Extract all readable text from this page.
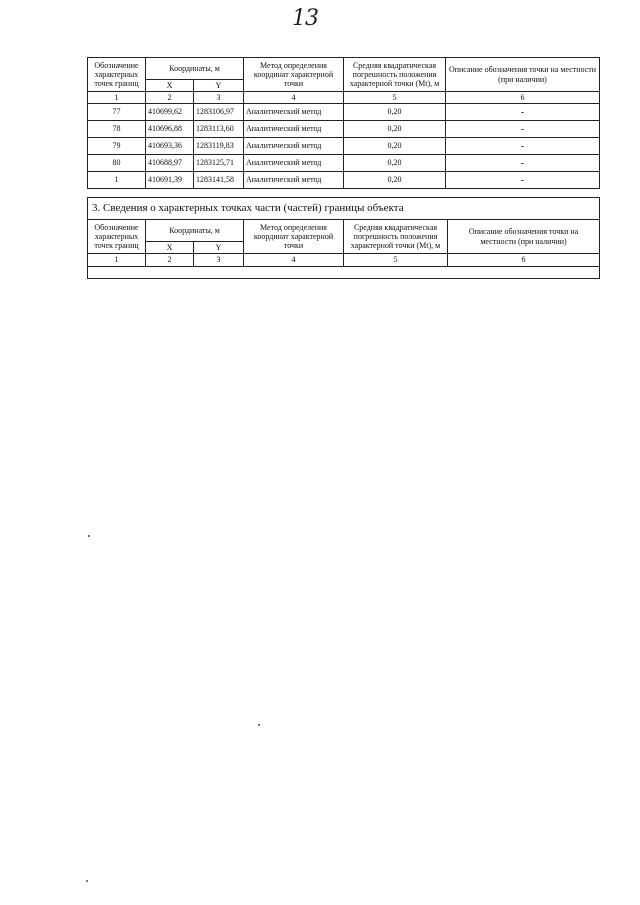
13
Обозначение характерных точек границ	Координаты, м		Метод определения координат характерной точки	Средняя квадратическая погрешность положения характерной точки (Mt), м	Описание обозначения точки на местности (при наличии)
	X	Y			
1	2	3	4	5	6
77	410699,62	1283106,97	Аналитический метод	0,20	-
78	410696,88	1283113,60	Аналитический метод	0,20	-
79	410693,36	1283119,83	Аналитический метод	0,20	-
80	410688,97	1283125,71	Аналитический метод	0,20	-
1	410691,39	1283141,58	Аналитический метод	0,20	-
3. Сведения о характерных точках части (частей) границы объекта					
Обозначение характерных точек границ	Координаты, м		Метод определения координат характерной точки	Средняя квадратическая погрешность положения характерной точки (Mt), м	Описание обозначения точки на местности (при наличии)
	X	Y			
1	2	3	4	5	6
